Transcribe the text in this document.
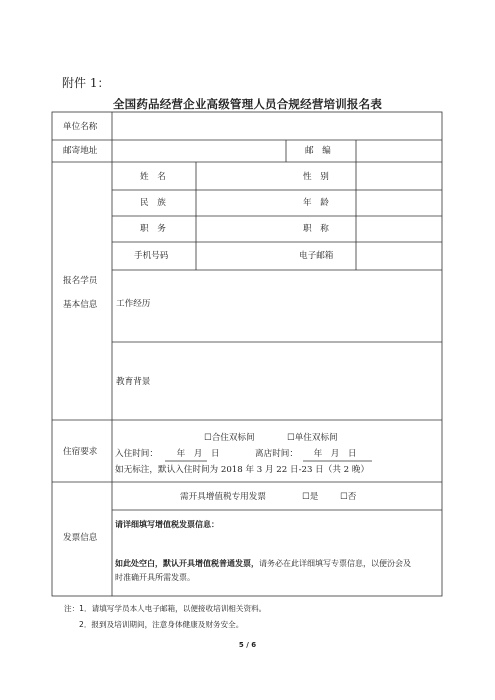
附件 1：
全国药品经营企业高级管理人员合规经营培训报名表
单位名称
邮寄地址	邮　编
报名学员
基本信息
姓　名	性　别
民　族	年　龄
职　务	职　称
手机号码	电子邮箱
工作经历
教育背景
住宿要求
☐合住双标间	☐单住双标间
入住时间： 　年　月　日	离店时间： 　年　月　日
如无标注，默认入住时间为 2018 年 3 月 22 日-23 日（共 2 晚）
发票信息
需开具增值税专用发票	☐是	☐否
请详细填写增值税发票信息：
如此处空白，默认开具增值税普通发票，请务必在此详细填写专票信息，以便汾会及
时准确开具所需发票。
注：1．请填写学员本人电子邮箱，以便接收培训相关资料。
2．报到及培训期间，注意身体健康及财务安全。
5 / 6
